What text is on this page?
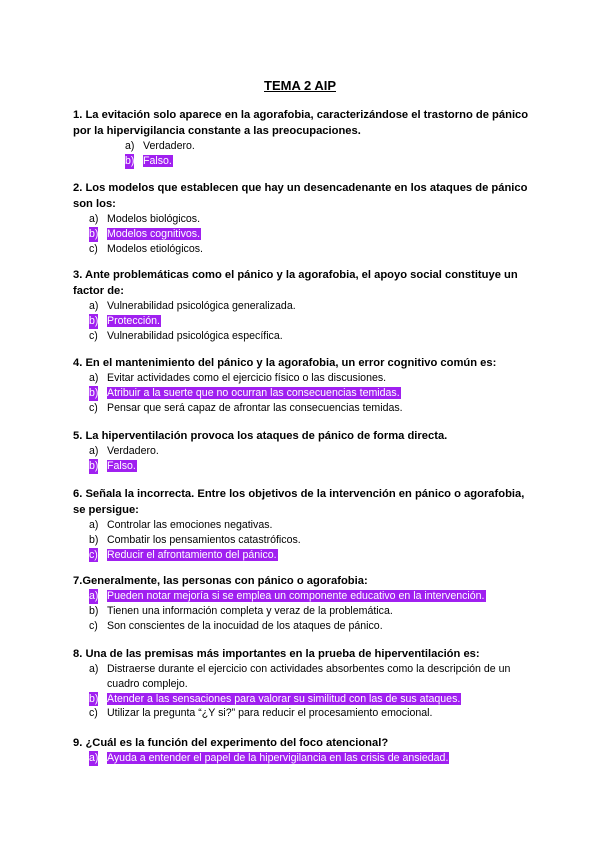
TEMA 2 AIP

1. La evitación solo aparece en la agorafobia, caracterizándose el trastorno de pánico por la hipervigilancia constante a las preocupaciones.

a) Verdadero.
b) Falso.

2. Los modelos que establecen que hay un desencadenante en los ataques de pánico son los:

a) Modelos biológicos.
b) Modelos cognitivos.
c) Modelos etiológicos.

3. Ante problemáticas como el pánico y la agorafobia, el apoyo social constituye un factor de:

a) Vulnerabilidad psicológica generalizada.
b) Protección.
c) Vulnerabilidad psicológica específica.

4. En el mantenimiento del pánico y la agorafobia, un error cognitivo común es:

a) Evitar actividades como el ejercicio físico o las discusiones.
b) Atribuir a la suerte que no ocurran las consecuencias temidas.
c) Pensar que será capaz de afrontar las consecuencias temidas.

5. La hiperventilación provoca los ataques de pánico de forma directa.

a) Verdadero.
b) Falso.

6. Señala la incorrecta. Entre los objetivos de la intervención en pánico o agorafobia, se persigue:

a) Controlar las emociones negativas.
b) Combatir los pensamientos catastróficos.
c) Reducir el afrontamiento del pánico.

7.Generalmente, las personas con pánico o agorafobia:

a) Pueden notar mejoría si se emplea un componente educativo en la intervención.
b) Tienen una información completa y veraz de la problemática.
c) Son conscientes de la inocuidad de los ataques de pánico.

8. Una de las premisas más importantes en la prueba de hiperventilación es:

a) Distraerse durante el ejercicio con actividades absorbentes como la descripción de un cuadro complejo.
b) Atender a las sensaciones para valorar su similitud con las de sus ataques.
c) Utilizar la pregunta “¿Y si?” para reducir el procesamiento emocional.

9. ¿Cuál es la función del experimento del foco atencional?

a) Ayuda a entender el papel de la hipervigilancia en las crisis de ansiedad.
